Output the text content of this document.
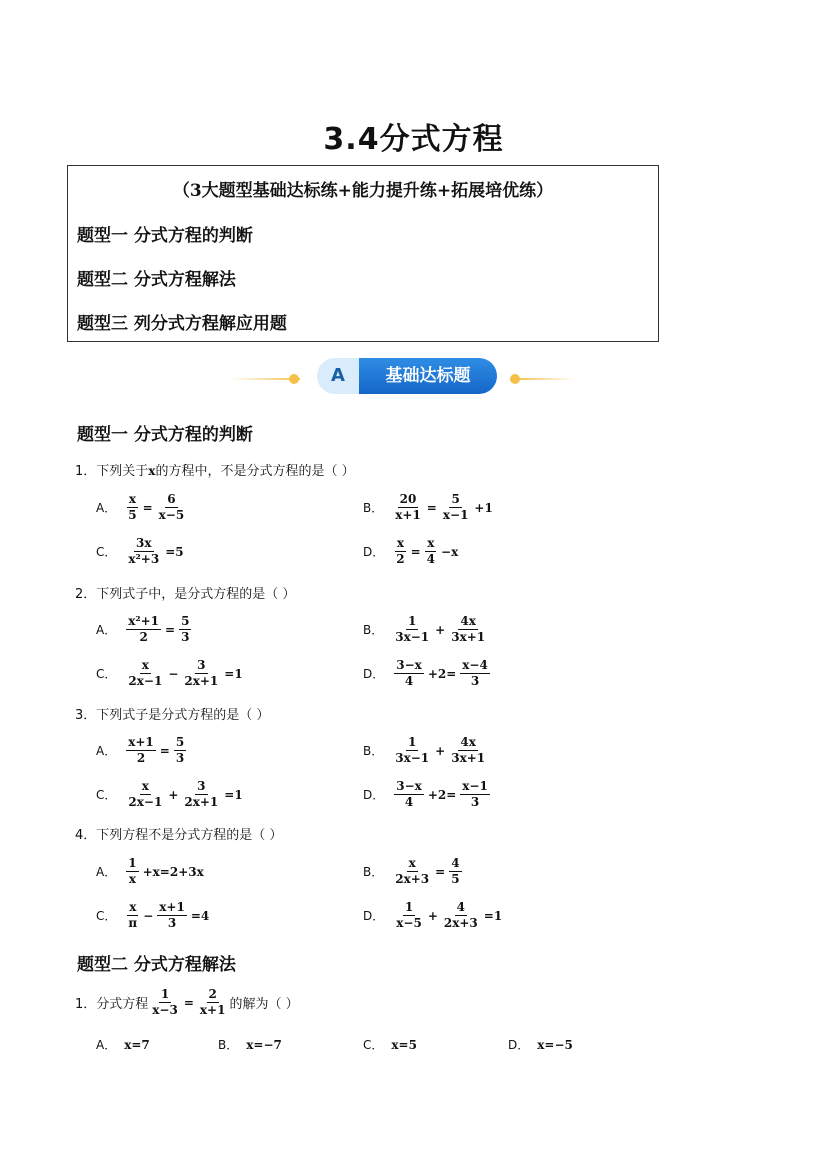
3.4分式方程
（3大题型基础达标练+能力提升练+拓展培优练）
题型一 分式方程的判断
题型二 分式方程解法
题型三 列分式方程解应用题
A	基础达标题
题型一 分式方程的判断
1．下列关于x的方程中，不是分式方程的是（ ）
A． $\frac{x}{5} = \frac{6}{x-5}$	B． $\frac{20}{x+1} = \frac{5}{x-1} +1$
C． $\frac{3x}{\text{x²+3}} =5$	D． $\frac{x}{2} = \frac{x}{4} -x$
2．下列式子中，是分式方程的是（ ）
A． $\frac{\text{x²+1}}{2} = \frac{5}{3}$	B．
1
3x−1
+ $\frac{4x}{3x+1}$
C．
x
2x−1
− $\frac{3}{2x+1} =1$	D．
3−x
4
$+2= \frac{x-4}{3}$
3．下列式子是分式方程的是（ ）
A． $\frac{x+1}{2} = \frac{5}{3}$	B．
1
3x−1
+ $\frac{4x}{3x+1}$
C．
x
2x−1
+ $\frac{3}{2x+1} =1$	D．
3−x
4
$+2= \frac{x-1}{3}$
4．下列方程不是分式方程的是（ ）
A．
1
x
+x=2+3x	B． $\frac{x}{2x+3} = \frac{4}{5}$
C．
x
π
− $\frac{x+1}{3} =4$	D．
1
x−5
+ $\frac{4}{2x+3} =1$
题型二 分式方程解法
1．分式方程 $\frac{1}{x-3} = \frac{2}{x+1}$ 的解为（ ）
A． x=7	B． x=−7	C． x=5	D． x=−5
